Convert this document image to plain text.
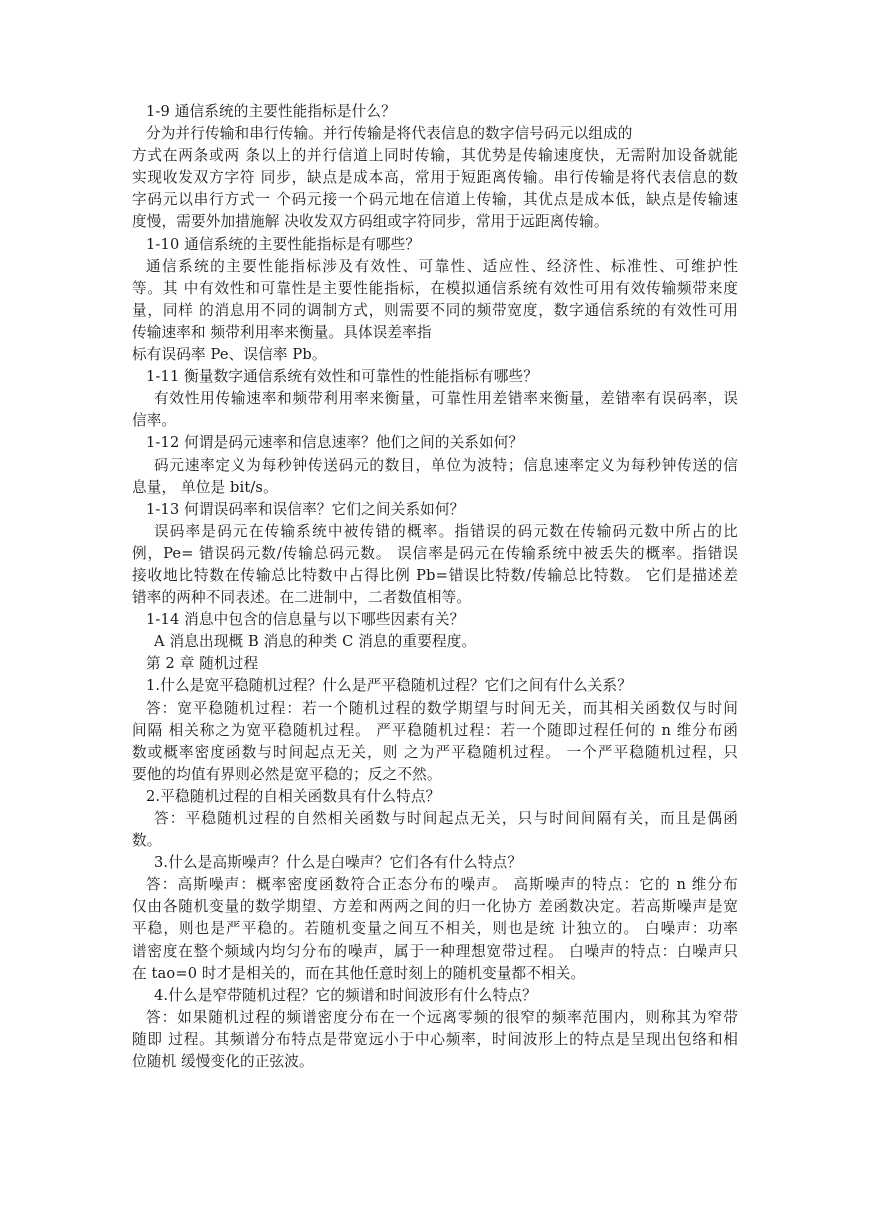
1-9 通信系统的主要性能指标是什么？
分为并行传输和串行传输。并行传输是将代表信息的数字信号码元以组成的
方式在两条或两 条以上的并行信道上同时传输，其优势是传输速度快，无需附加设备就能
实现收发双方字符 同步，缺点是成本高，常用于短距离传输。串行传输是将代表信息的数
字码元以串行方式一 个码元接一个码元地在信道上传输，其优点是成本低，缺点是传输速
度慢，需要外加措施解 决收发双方码组或字符同步，常用于远距离传输。
1-10 通信系统的主要性能指标是有哪些？
通信系统的主要性能指标涉及有效性、可靠性、适应性、经济性、标准性、可维护性
等。其 中有效性和可靠性是主要性能指标，在模拟通信系统有效性可用有效传输频带来度
量，同样 的消息用不同的调制方式，则需要不同的频带宽度，数字通信系统的有效性可用
传输速率和 频带利用率来衡量。具体误差率指
标有误码率 Pe、误信率 Pb。
1-11 衡量数字通信系统有效性和可靠性的性能指标有哪些？
有效性用传输速率和频带利用率来衡量，可靠性用差错率来衡量，差错率有误码率，误
信率。
1-12 何谓是码元速率和信息速率？他们之间的关系如何？
码元速率定义为每秒钟传送码元的数目，单位为波特；信息速率定义为每秒钟传送的信
息量， 单位是 bit/s。
1-13 何谓误码率和误信率？它们之间关系如何？
误码率是码元在传输系统中被传错的概率。指错误的码元数在传输码元数中所占的比
例，Pe= 错误码元数/传输总码元数。 误信率是码元在传输系统中被丢失的概率。指错误
接收地比特数在传输总比特数中占得比例 Pb=错误比特数/传输总比特数。 它们是描述差
错率的两种不同表述。在二进制中，二者数值相等。
1-14 消息中包含的信息量与以下哪些因素有关？
A 消息出现概 B 消息的种类 C 消息的重要程度。
第 2 章 随机过程
1.什么是宽平稳随机过程？什么是严平稳随机过程？它们之间有什么关系？
答：宽平稳随机过程：若一个随机过程的数学期望与时间无关，而其相关函数仅与时间
间隔 相关称之为宽平稳随机过程。 严平稳随机过程：若一个随即过程任何的 n 维分布函
数或概率密度函数与时间起点无关，则 之为严平稳随机过程。 一个严平稳随机过程，只
要他的均值有界则必然是宽平稳的；反之不然。
2.平稳随机过程的自相关函数具有什么特点？
答：平稳随机过程的自然相关函数与时间起点无关，只与时间间隔有关，而且是偶函
数。
3.什么是高斯噪声？什么是白噪声？它们各有什么特点？
答：高斯噪声：概率密度函数符合正态分布的噪声。 高斯噪声的特点：它的 n 维分布
仅由各随机变量的数学期望、方差和两两之间的归一化协方 差函数决定。若高斯噪声是宽
平稳，则也是严平稳的。若随机变量之间互不相关，则也是统 计独立的。 白噪声：功率
谱密度在整个频域内均匀分布的噪声，属于一种理想宽带过程。 白噪声的特点：白噪声只
在 tao=0 时才是相关的，而在其他任意时刻上的随机变量都不相关。
4.什么是窄带随机过程？它的频谱和时间波形有什么特点？
答：如果随机过程的频谱密度分布在一个远离零频的很窄的频率范围内，则称其为窄带
随即 过程。其频谱分布特点是带宽远小于中心频率，时间波形上的特点是呈现出包络和相
位随机 缓慢变化的正弦波。
